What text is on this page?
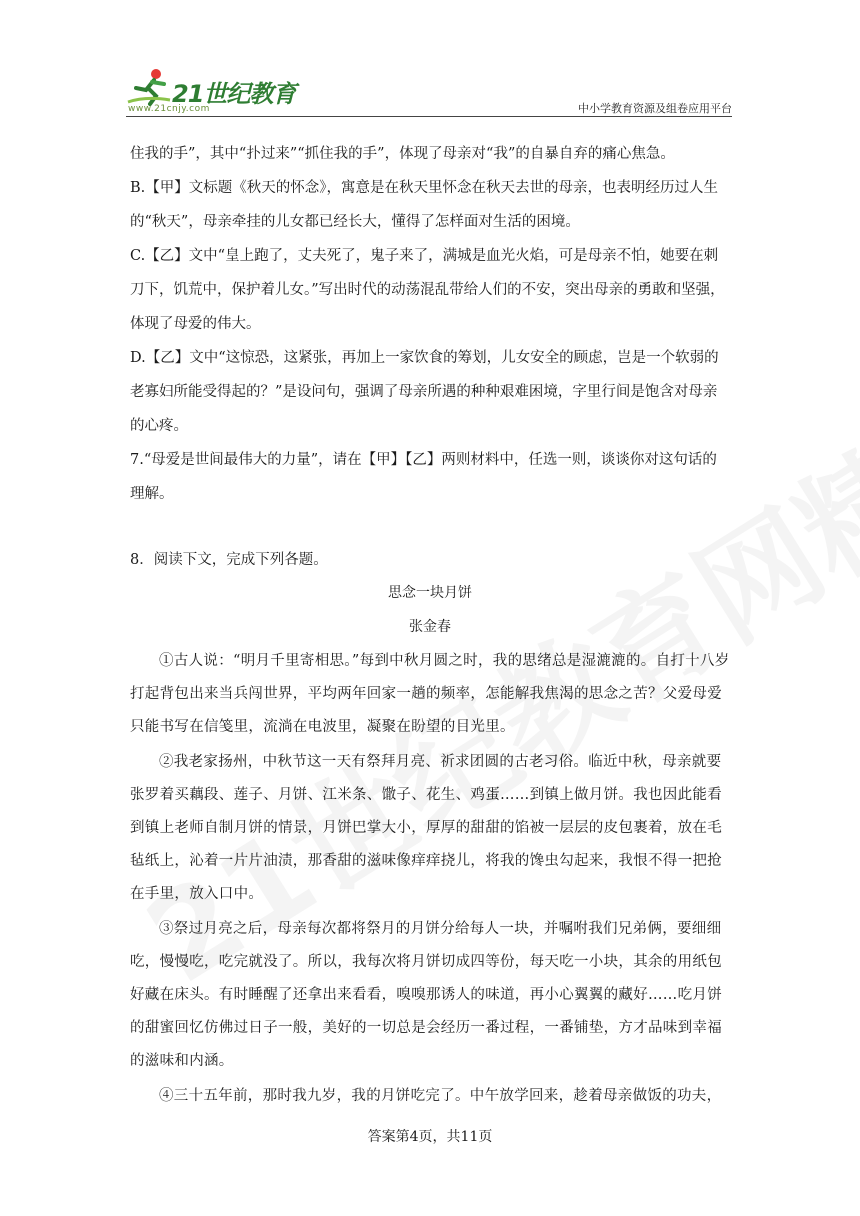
21世纪教育
www.21cnjy.com	中小学教育资源及组卷应用平台

住我的手”，其中“扑过来”“抓住我的手”，体现了母亲对“我”的自暴自弃的痛心焦急。

B.【甲】文标题《秋天的怀念》，寓意是在秋天里怀念在秋天去世的母亲，也表明经历过人生的“秋天”，母亲牵挂的儿女都已经长大，懂得了怎样面对生活的困境。

C.【乙】文中“皇上跑了，丈夫死了，鬼子来了，满城是血光火焰，可是母亲不怕，她要在刺刀下，饥荒中，保护着儿女。”写出时代的动荡混乱带给人们的不安，突出母亲的勇敢和坚强，体现了母爱的伟大。

D.【乙】文中“这惊恐，这紧张，再加上一家饮食的筹划，儿女安全的顾虑，岂是一个软弱的老寡妇所能受得起的？”是设问句，强调了母亲所遇的种种艰难困境，字里行间是饱含对母亲的心疼。

7.“母爱是世间最伟大的力量”，请在【甲】【乙】两则材料中，任选一则，谈谈你对这句话的理解。

8．阅读下文，完成下列各题。

思念一块月饼
张金春

①古人说：“明月千里寄相思。”每到中秋月圆之时，我的思绪总是湿漉漉的。自打十八岁打起背包出来当兵闯世界，平均两年回家一趟的频率，怎能解我焦渴的思念之苦？父爱母爱只能书写在信笺里，流淌在电波里，凝聚在盼望的目光里。

②我老家扬州，中秋节这一天有祭拜月亮、祈求团圆的古老习俗。临近中秋，母亲就要张罗着买藕段、莲子、月饼、江米条、馓子、花生、鸡蛋……到镇上做月饼。我也因此能看到镇上老师自制月饼的情景，月饼巴掌大小，厚厚的甜甜的馅被一层层的皮包裹着，放在毛毡纸上，沁着一片片油渍，那香甜的滋味像痒痒挠儿，将我的馋虫勾起来，我恨不得一把抢在手里，放入口中。

③祭过月亮之后，母亲每次都将祭月的月饼分给每人一块，并嘱咐我们兄弟俩，要细细吃，慢慢吃，吃完就没了。所以，我每次将月饼切成四等份，每天吃一小块，其余的用纸包好藏在床头。有时睡醒了还拿出来看看，嗅嗅那诱人的味道，再小心翼翼的藏好……吃月饼的甜蜜回忆仿佛过日子一般，美好的一切总是会经历一番过程，一番铺垫，方才品味到幸福的滋味和内涵。

④三十五年前，那时我九岁，我的月饼吃完了。中午放学回来，趁着母亲做饭的功夫，

答案第4页，共11页
